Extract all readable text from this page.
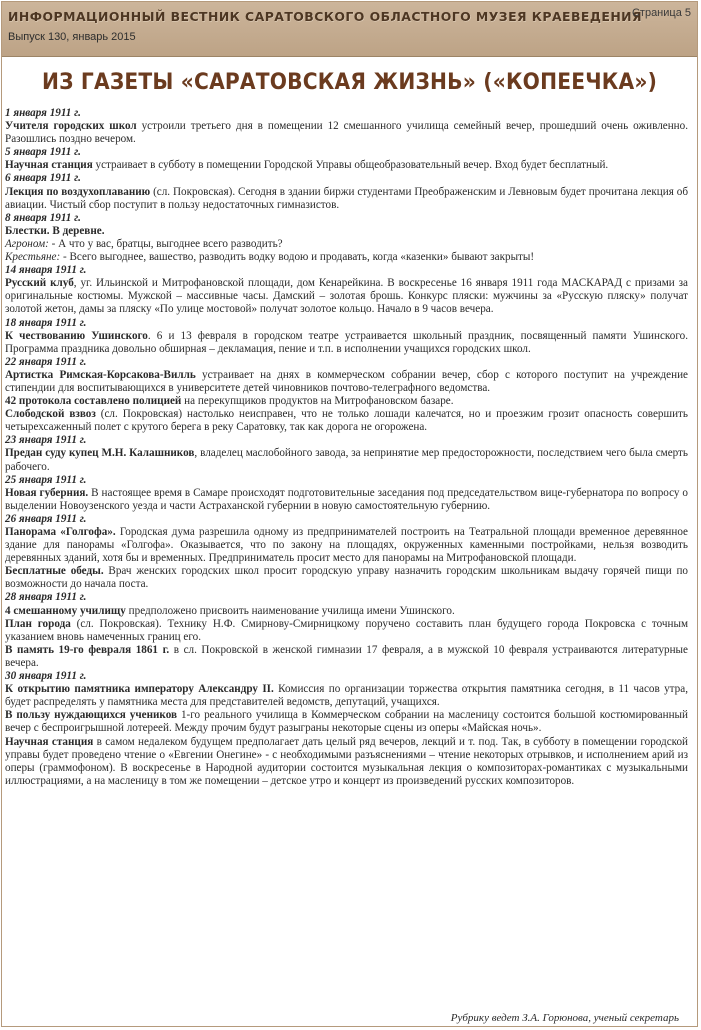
ИНФОРМАЦИОННЫЙ ВЕСТНИК САРАТОВСКОГО ОБЛАСТНОГО МУЗЕЯ КРАЕВЕДЕНИЯ
Выпуск 130, январь 2015
Страница 5
ИЗ ГАЗЕТЫ «САРАТОВСКАЯ ЖИЗНЬ» («КОПЕЕЧКА»)

1 января 1911 г.

Учителя городских школ устроили третьего дня в помещении 12 смешанного училища семейный вечер, прошедший очень оживленно. Разошлись поздно вечером.

5 января 1911 г.

Научная станция устраивает в субботу в помещении Городской Управы общеобразовательный вечер. Вход будет бесплатный.

6 января 1911 г.

Лекция по воздухоплаванию (сл. Покровская). Сегодня в здании биржи студентами Преображенским и Левновым будет прочитана лекция об авиации. Чистый сбор поступит в пользу недостаточных гимназистов.

8 января 1911 г.

Блестки. В деревне.

Агроном: - А что у вас, братцы, выгоднее всего разводить?

Крестьяне: - Всего выгоднее, вашество, разводить водку водою и продавать, когда «казенки» бывают закрыты!

14 января 1911 г.

Русский клуб, уг. Ильинской и Митрофановской площади, дом Кенарейкина. В воскресенье 16 января 1911 года МАСКАРАД с призами за оригинальные костюмы. Мужской – массивные часы. Дамский – золотая брошь. Конкурс пляски: мужчины за «Русскую пляску» получат золотой жетон, дамы за пляску «По улице мостовой» получат золотое кольцо. Начало в 9 часов вечера.

18 января 1911 г.

К чествованию Ушинского. 6 и 13 февраля в городском театре устраивается школьный праздник, посвященный памяти Ушинского. Программа праздника довольно обширная – декламация, пение и т.п. в исполнении учащихся городских школ.

22 января 1911 г.

Артистка Римская-Корсакова-Вилль устраивает на днях в коммерческом собрании вечер, сбор с которого поступит на учреждение стипендии для воспитывающихся в университете детей чиновников почтово-телеграфного ведомства.

42 протокола составлено полицией на перекупщиков продуктов на Митрофановском базаре.

Слободской взвоз (сл. Покровская) настолько неисправен, что не только лошади калечатся, но и проезжим грозит опасность совершить четырехсаженный полет с крутого берега в реку Саратовку, так как дорога не огорожена.

23 января 1911 г.

Предан суду купец М.Н. Калашников, владелец маслобойного завода, за непринятие мер предосторожности, последствием чего была смерть рабочего.

25 января 1911 г.

Новая губерния. В настоящее время в Самаре происходят подготовительные заседания под председательством вице-губернатора по вопросу о выделении Новоузенского уезда и части Астраханской губернии в новую самостоятельную губернию.

26 января 1911 г.

Панорама «Голгофа». Городская дума разрешила одному из предпринимателей построить на Театральной площади временное деревянное здание для панорамы «Голгофа». Оказывается, что по закону на площадях, окруженных каменными постройками, нельзя возводить деревянных зданий, хотя бы и временных. Предприниматель просит место для панорамы на Митрофановской площади.

Бесплатные обеды. Врач женских городских школ просит городскую управу назначить городским школьникам выдачу горячей пищи по возможности до начала поста.

28 января 1911 г.

4 смешанному училищу предположено присвоить наименование училища имени Ушинского.

План города (сл. Покровская). Технику Н.Ф. Смирнову-Смирницкому поручено составить план будущего города Покровска с точным указанием вновь намеченных границ его.

В память 19-го февраля 1861 г. в сл. Покровской в женской гимназии 17 февраля, а в мужской 10 февраля устраиваются литературные вечера.

30 января 1911 г.

К открытию памятника императору Александру II. Комиссия по организации торжества открытия памятника сегодня, в 11 часов утра, будет распределять у памятника места для представителей ведомств, депутаций, учащихся.

В пользу нуждающихся учеников 1-го реального училища в Коммерческом собрании на масленицу состоится большой костюмированный вечер с беспроигрышной лотереей. Между прочим будут разыграны некоторые сцены из оперы «Майская ночь».

Научная станция в самом недалеком будущем предполагает дать целый ряд вечеров, лекций и т. под. Так, в субботу в помещении городской управы будет проведено чтение о «Евгении Онегине» - с необходимыми разъяснениями – чтение некоторых отрывков, и исполнением арий из оперы (граммофоном). В воскресенье в Народной аудитории состоится музыкальная лекция о композиторах-романтиках с музыкальными иллюстрациями, а на масленицу в том же помещении – детское утро и концерт из произведений русских композиторов.

Рубрику ведет З.А. Горюнова, ученый секретарь
